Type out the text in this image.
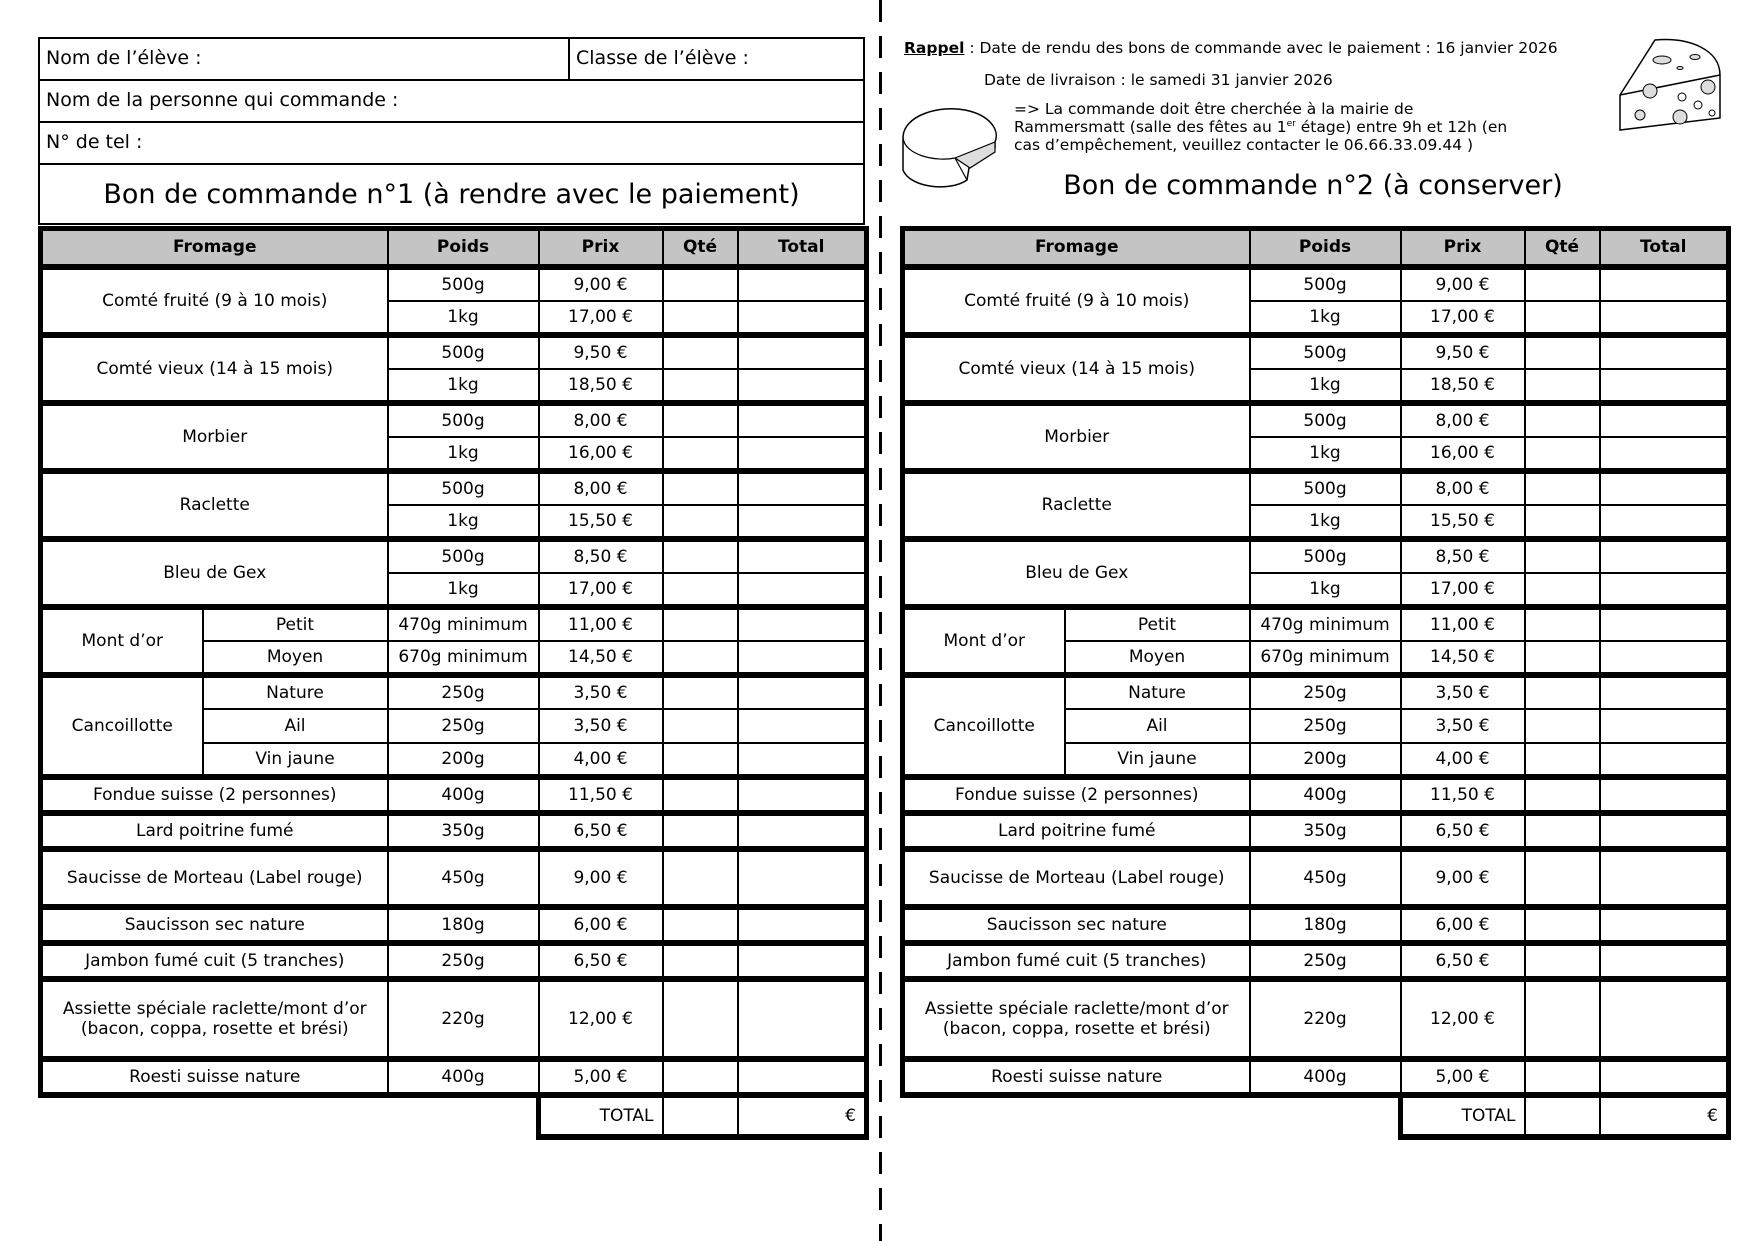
Nom de l’élève :	Classe de l’élève :
Nom de la personne qui commande :
N° de tel :
Bon de commande n°1 (à rendre avec le paiement)
Rappel : Date de rendu des bons de commande avec le paiement : 16 janvier 2026
Date de livraison : le samedi 31 janvier 2026
=> La commande doit être cherchée à la mairie de Rammersmatt (salle des fêtes au 1er étage) entre 9h et 12h (en cas d’empêchement, veuillez contacter le 06.66.33.09.44 )
Bon de commande n°2 (à conserver)
Fromage		Poids	Prix	Qté	Total
Comté fruité (9 à 10 mois)		500g	9,00 €		
		1kg	17,00 €		
Comté vieux (14 à 15 mois)		500g	9,50 €		
		1kg	18,50 €		
Morbier		500g	8,00 €		
		1kg	16,00 €		
Raclette		500g	8,00 €		
		1kg	15,50 €		
Bleu de Gex		500g	8,50 €		
		1kg	17,00 €		
Mont d’or	Petit	470g minimum	11,00 €		
	Moyen	670g minimum	14,50 €		
Cancoillotte	Nature	250g	3,50 €		
	Ail	250g	3,50 €		
	Vin jaune	200g	4,00 €		
Fondue suisse (2 personnes)		400g	11,50 €		
Lard poitrine fumé		350g	6,50 €		
Saucisse de Morteau (Label rouge)		450g	9,00 €		
Saucisson sec nature		180g	6,00 €		
Jambon fumé cuit (5 tranches)		250g	6,50 €		
Assiette spéciale raclette/mont d’or (bacon, coppa, rosette et brési)		220g	12,00 €		
Roesti suisse nature		400g	5,00 €		
			TOTAL		€
Fromage		Poids	Prix	Qté	Total
Comté fruité (9 à 10 mois)		500g	9,00 €		
		1kg	17,00 €		
Comté vieux (14 à 15 mois)		500g	9,50 €		
		1kg	18,50 €		
Morbier		500g	8,00 €		
		1kg	16,00 €		
Raclette		500g	8,00 €		
		1kg	15,50 €		
Bleu de Gex		500g	8,50 €		
		1kg	17,00 €		
Mont d’or	Petit	470g minimum	11,00 €		
	Moyen	670g minimum	14,50 €		
Cancoillotte	Nature	250g	3,50 €		
	Ail	250g	3,50 €		
	Vin jaune	200g	4,00 €		
Fondue suisse (2 personnes)		400g	11,50 €		
Lard poitrine fumé		350g	6,50 €		
Saucisse de Morteau (Label rouge)		450g	9,00 €		
Saucisson sec nature		180g	6,00 €		
Jambon fumé cuit (5 tranches)		250g	6,50 €		
Assiette spéciale raclette/mont d’or (bacon, coppa, rosette et brési)		220g	12,00 €		
Roesti suisse nature		400g	5,00 €		
			TOTAL		€
